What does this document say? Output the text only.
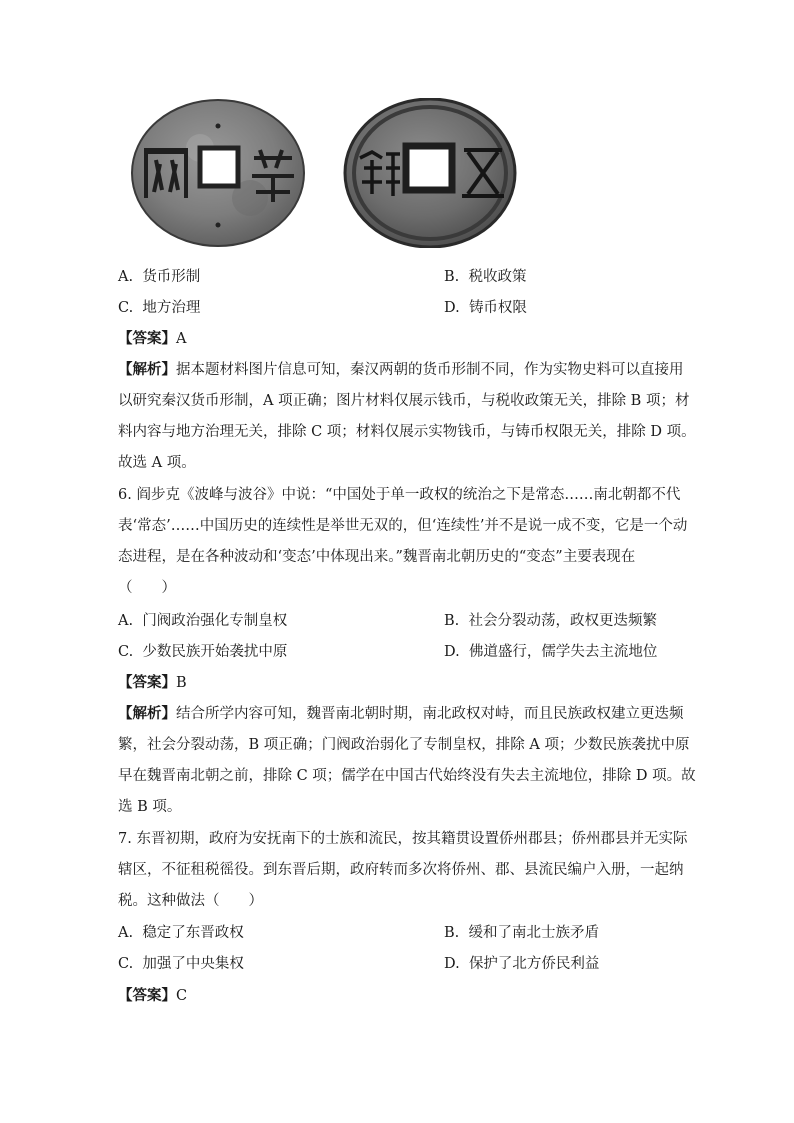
A. 货币形制	B. 税收政策
C. 地方治理	D. 铸币权限
【答案】A
【解析】据本题材料图片信息可知，秦汉两朝的货币形制不同，作为实物史料可以直接用
以研究秦汉货币形制，A 项正确；图片材料仅展示钱币，与税收政策无关，排除 B 项；材
料内容与地方治理无关，排除 C 项；材料仅展示实物钱币，与铸币权限无关，排除 D 项。
故选 A 项。
6. 阎步克《波峰与波谷》中说：“中国处于单一政权的统治之下是常态……南北朝都不代
表‘常态’……中国历史的连续性是举世无双的，但‘连续性’并不是说一成不变，它是一个动
态进程，是在各种波动和‘变态’中体现出来。”魏晋南北朝历史的“变态”主要表现在
（　　）
A. 门阀政治强化专制皇权	B. 社会分裂动荡，政权更迭频繁
C. 少数民族开始袭扰中原	D. 佛道盛行，儒学失去主流地位
【答案】B
【解析】结合所学内容可知，魏晋南北朝时期，南北政权对峙，而且民族政权建立更迭频
繁，社会分裂动荡，B 项正确；门阀政治弱化了专制皇权，排除 A 项；少数民族袭扰中原
早在魏晋南北朝之前，排除 C 项；儒学在中国古代始终没有失去主流地位，排除 D 项。故
选 B 项。
7. 东晋初期，政府为安抚南下的士族和流民，按其籍贯设置侨州郡县；侨州郡县并无实际
辖区，不征租税徭役。到东晋后期，政府转而多次将侨州、郡、县流民编户入册，一起纳
税。这种做法（　　）
A. 稳定了东晋政权	B. 缓和了南北士族矛盾
C. 加强了中央集权	D. 保护了北方侨民利益
【答案】C
